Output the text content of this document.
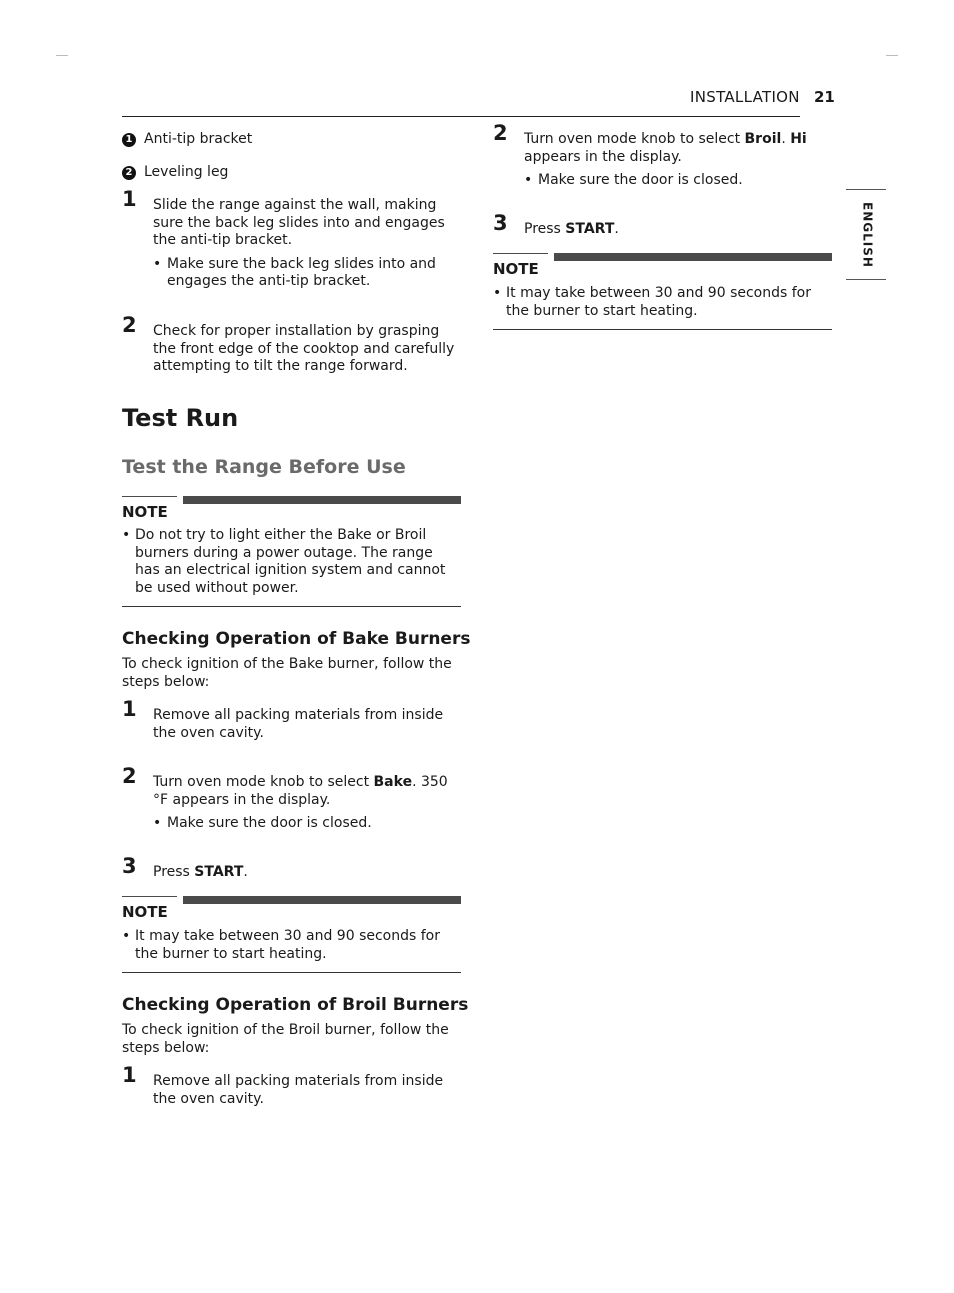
INSTALLATION 21
ENGLISH
1 Anti-tip bracket
2 Leveling leg
1 Slide the range against the wall, making sure the back leg slides into and engages the anti-tip bracket.
• Make sure the back leg slides into and engages the anti-tip bracket.
2 Check for proper installation by grasping the front edge of the cooktop and carefully attempting to tilt the range forward.
Test Run
Test the Range Before Use
NOTE
• Do not try to light either the Bake or Broil burners during a power outage. The range has an electrical ignition system and cannot be used without power.
Checking Operation of Bake Burners

To check ignition of the Bake burner, follow the steps below:

1 Remove all packing materials from inside the oven cavity.
2 Turn oven mode knob to select Bake. 350 °F appears in the display.
• Make sure the door is closed.
3 Press START.
NOTE
• It may take between 30 and 90 seconds for the burner to start heating.
Checking Operation of Broil Burners

To check ignition of the Broil burner, follow the steps below:

1 Remove all packing materials from inside the oven cavity.
2 Turn oven mode knob to select Broil. Hi appears in the display.
• Make sure the door is closed.
3 Press START.
NOTE
• It may take between 30 and 90 seconds for the burner to start heating.
